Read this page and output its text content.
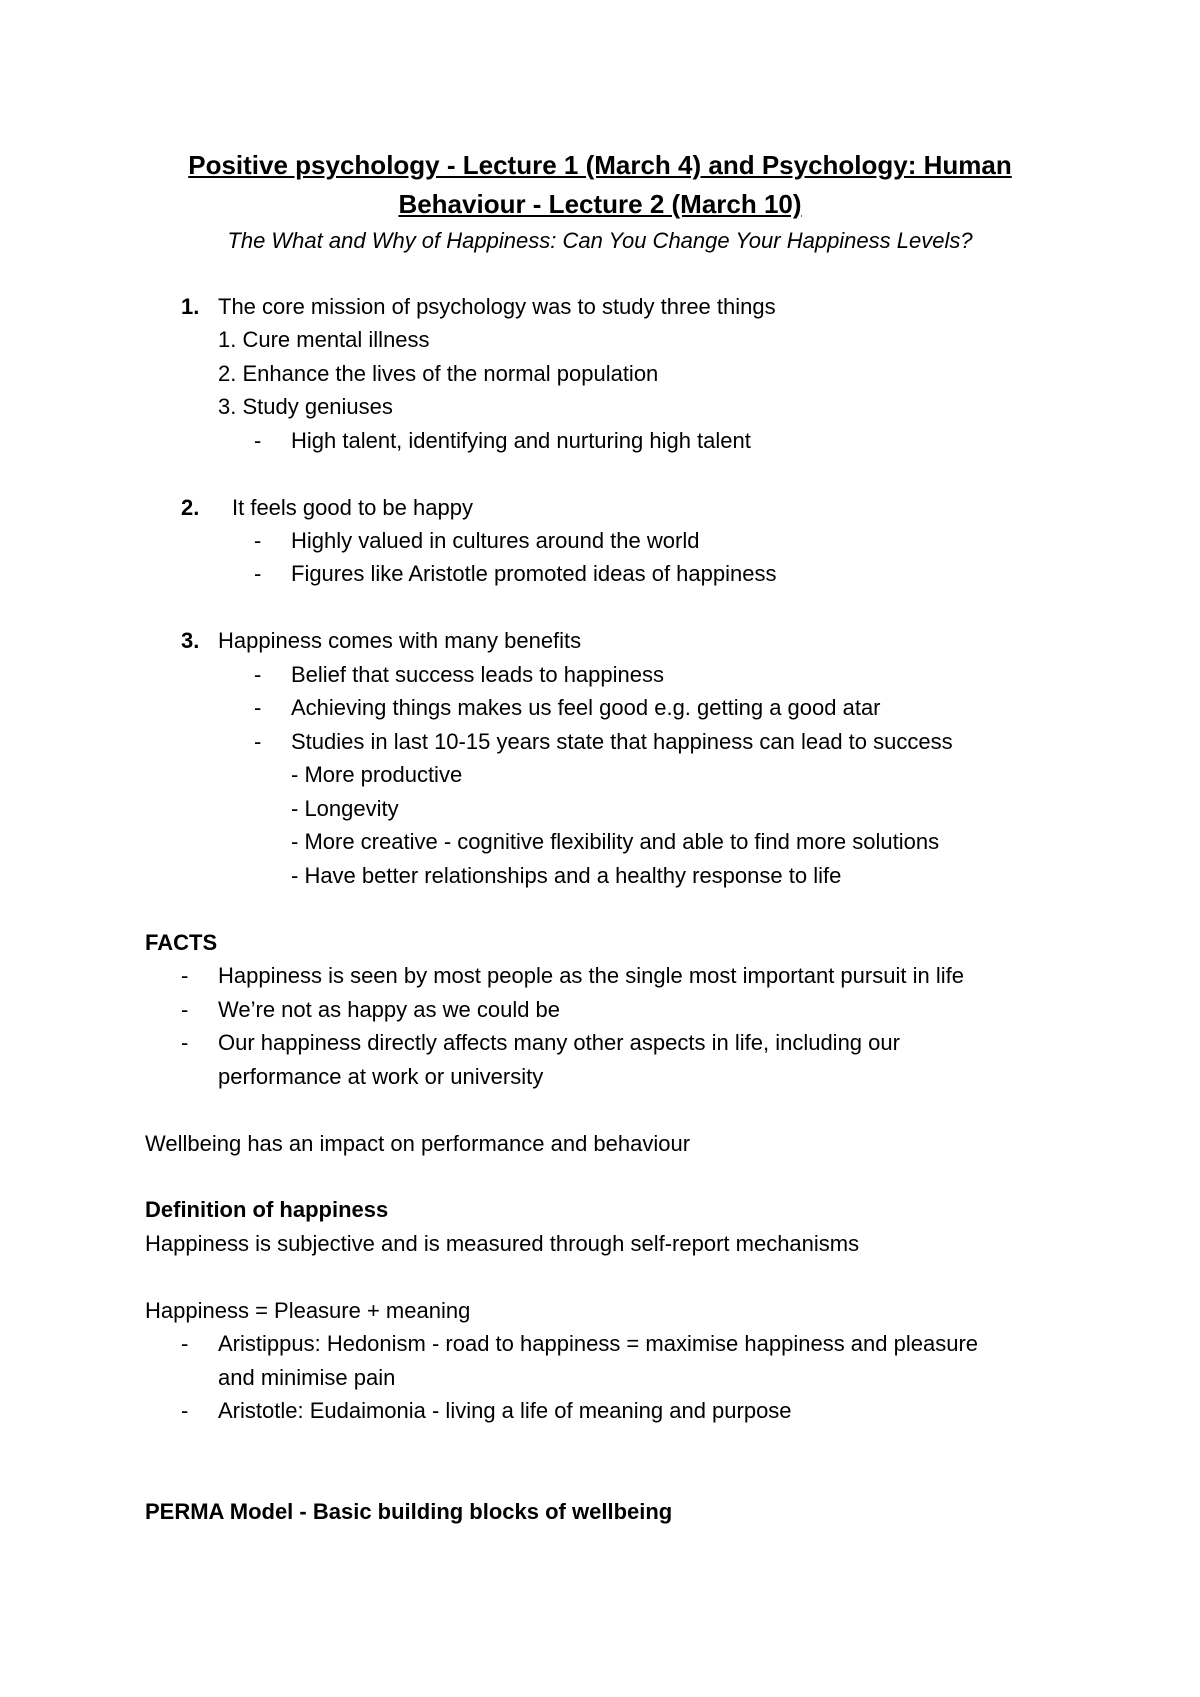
Positive psychology - Lecture 1 (March 4) and Psychology: Human
Behaviour - Lecture 2 (March 10)
The What and Why of Happiness: Can You Change Your Happiness Levels?
1. The core mission of psychology was to study three things
1. Cure mental illness
2. Enhance the lives of the normal population
3. Study geniuses
- High talent, identifying and nurturing high talent
2. It feels good to be happy
- Highly valued in cultures around the world
- Figures like Aristotle promoted ideas of happiness
3. Happiness comes with many benefits
- Belief that success leads to happiness
- Achieving things makes us feel good e.g. getting a good atar
- Studies in last 10-15 years state that happiness can lead to success
- More productive
- Longevity
- More creative - cognitive flexibility and able to find more solutions
- Have better relationships and a healthy response to life
FACTS
- Happiness is seen by most people as the single most important pursuit in life
- We’re not as happy as we could be
- Our happiness directly affects many other aspects in life, including our
performance at work or university
Wellbeing has an impact on performance and behaviour
Definition of happiness
Happiness is subjective and is measured through self-report mechanisms
Happiness = Pleasure + meaning
- Aristippus: Hedonism - road to happiness = maximise happiness and pleasure
and minimise pain
- Aristotle: Eudaimonia - living a life of meaning and purpose
PERMA Model - Basic building blocks of wellbeing
